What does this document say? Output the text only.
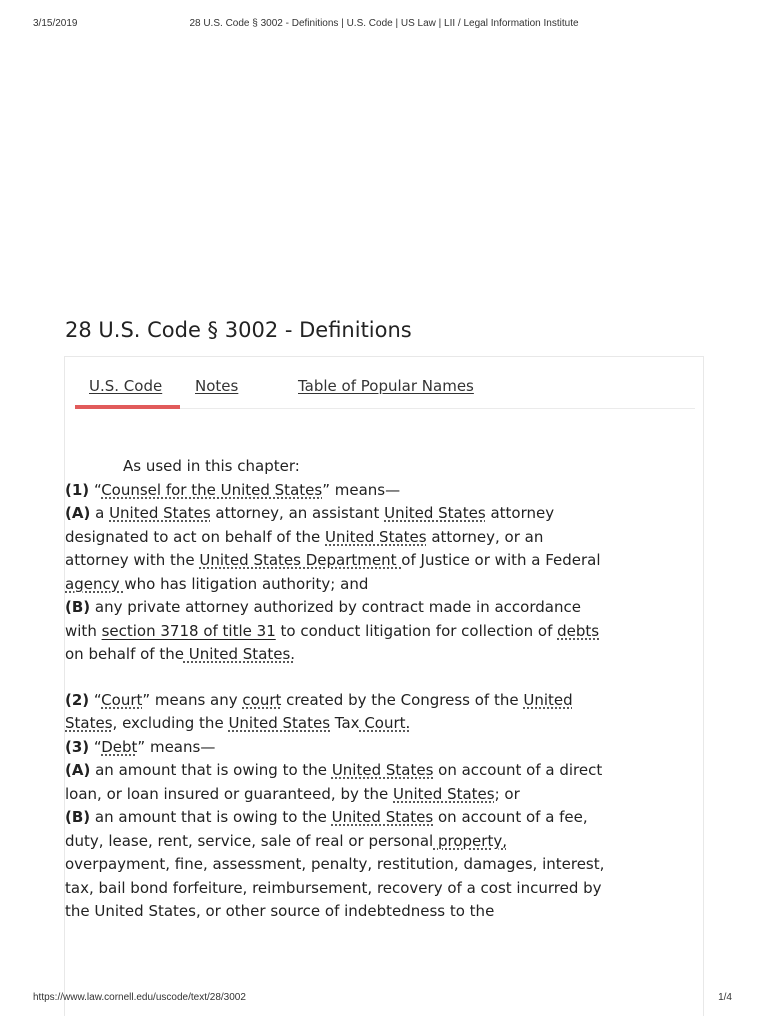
3/15/2019	28 U.S. Code § 3002 - Definitions | U.S. Code | US Law | LII / Legal Information Institute
28 U.S. Code § 3002 - Definitions
U.S. Code Notes	Table of Popular Names

As used in this chapter:

(1) “Counsel for the United States” means—

(A) a United States attorney, an assistant United States attorney designated to act on behalf of the United States attorney, or an attorney with the United States Department of Justice or with a Federal agency who has litigation authority; and

(B) any private attorney authorized by contract made in accordance with section 3718 of title 31 to conduct litigation for collection of debts on behalf of the United States.

(2) “Court” means any court created by the Congress of the United States, excluding the United States Tax Court.

(3) “Debt” means—

(A) an amount that is owing to the United States on account of a direct loan, or loan insured or guaranteed, by the United States; or

(B) an amount that is owing to the United States on account of a fee, duty, lease, rent, service, sale of real or personal property, overpayment, fine, assessment, penalty, restitution, damages, interest, tax, bail bond forfeiture, reimbursement, recovery of a cost incurred by the United States, or other source of indebtedness to the

https://www.law.cornell.edu/uscode/text/28/3002	1/4
